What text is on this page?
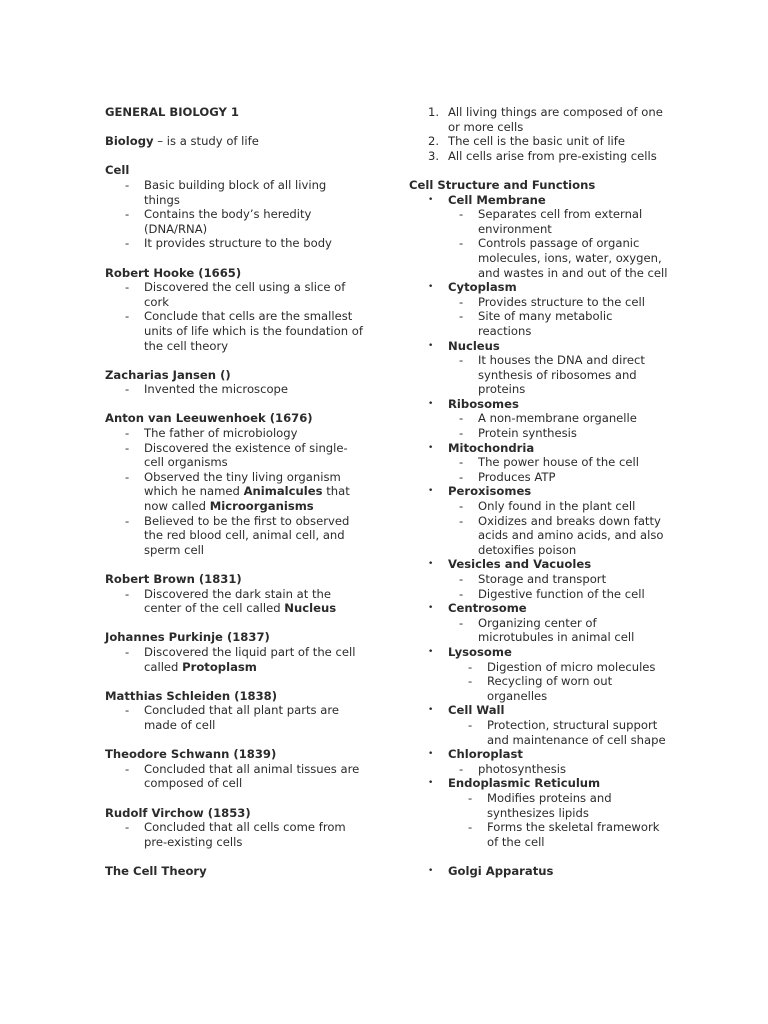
GENERAL BIOLOGY 1
Biology – is a study of life
Cell
- Basic building block of all living
things
- Contains the body’s heredity
(DNA/RNA)
- It provides structure to the body
Robert Hooke (1665)
- Discovered the cell using a slice of
cork
- Conclude that cells are the smallest
units of life which is the foundation of
the cell theory
Zacharias Jansen ()
- Invented the microscope
Anton van Leeuwenhoek (1676)
- The father of microbiology
- Discovered the existence of single-
cell organisms
- Observed the tiny living organism
which he named Animalcules that
now called Microorganisms
- Believed to be the first to observed
the red blood cell, animal cell, and
sperm cell
Robert Brown (1831)
- Discovered the dark stain at the
center of the cell called Nucleus
Johannes Purkinje (1837)
- Discovered the liquid part of the cell
called Protoplasm
Matthias Schleiden (1838)
- Concluded that all plant parts are
made of cell
Theodore Schwann (1839)
- Concluded that all animal tissues are
composed of cell
Rudolf Virchow (1853)
- Concluded that all cells come from
pre-existing cells
The Cell Theory
1. All living things are composed of one
or more cells
2. The cell is the basic unit of life
3. All cells arise from pre-existing cells
Cell Structure and Functions
• Cell Membrane
- Separates cell from external
environment
- Controls passage of organic
molecules, ions, water, oxygen,
and wastes in and out of the cell
• Cytoplasm
- Provides structure to the cell
- Site of many metabolic
reactions
• Nucleus
- It houses the DNA and direct
synthesis of ribosomes and
proteins
• Ribosomes
- A non-membrane organelle
- Protein synthesis
• Mitochondria
- The power house of the cell
- Produces ATP
• Peroxisomes
- Only found in the plant cell
- Oxidizes and breaks down fatty
acids and amino acids, and also
detoxifies poison
• Vesicles and Vacuoles
- Storage and transport
- Digestive function of the cell
• Centrosome
- Organizing center of
microtubules in animal cell
• Lysosome
- Digestion of micro molecules
- Recycling of worn out
organelles
• Cell Wall
- Protection, structural support
and maintenance of cell shape
• Chloroplast
- photosynthesis
• Endoplasmic Reticulum
- Modifies proteins and
synthesizes lipids
- Forms the skeletal framework
of the cell
• Golgi Apparatus
